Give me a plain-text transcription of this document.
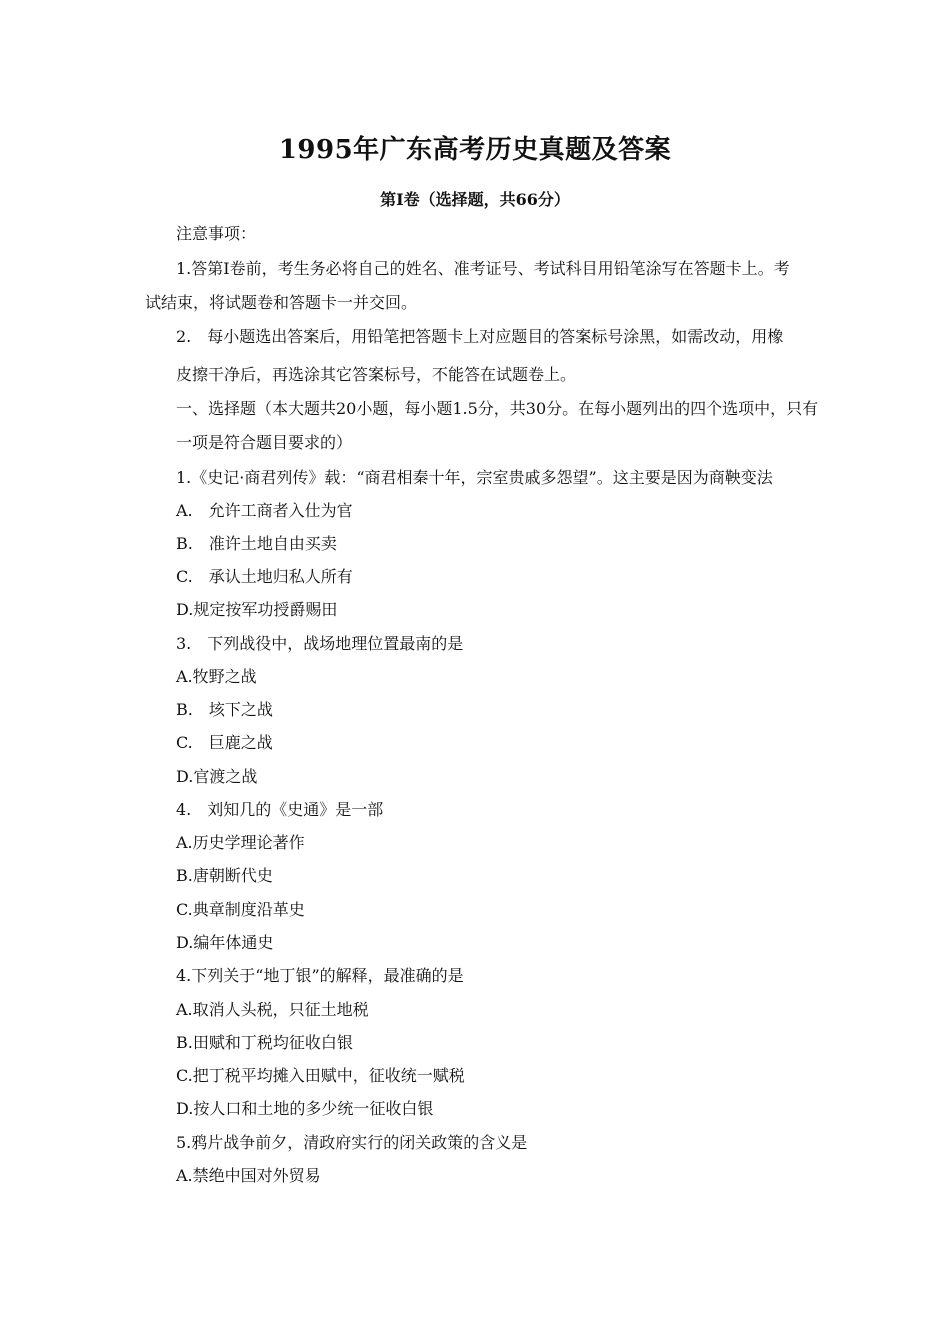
1995年广东高考历史真题及答案
第Ⅰ卷（选择题，共66分）
注意事项：
1.答第Ⅰ卷前，考生务必将自己的姓名、准考证号、考试科目用铅笔涂写在答题卡上。考
试结束，将试题卷和答题卡一并交回。
2.　每小题选出答案后，用铅笔把答题卡上对应题目的答案标号涂黑，如需改动，用橡
皮擦干净后，再选涂其它答案标号，不能答在试题卷上。
一、选择题（本大题共20小题，每小题1.5分，共30分。在每小题列出的四个选项中，只有
一项是符合题目要求的）
1.《史记·商君列传》载：“商君相秦十年，宗室贵戚多怨望”。这主要是因为商鞅变法
A.　允许工商者入仕为官
B.　准许土地自由买卖
C.　承认土地归私人所有
D.规定按军功授爵赐田
3.　下列战役中，战场地理位置最南的是
A.牧野之战
B.　垓下之战
C.　巨鹿之战
D.官渡之战
4.　刘知几的《史通》是一部
A.历史学理论著作
B.唐朝断代史
C.典章制度沿革史
D.编年体通史
4.下列关于“地丁银”的解释，最准确的是
A.取消人头税，只征土地税
B.田赋和丁税均征收白银
C.把丁税平均摊入田赋中，征收统一赋税
D.按人口和土地的多少统一征收白银
5.鸦片战争前夕，清政府实行的闭关政策的含义是
A.禁绝中国对外贸易
